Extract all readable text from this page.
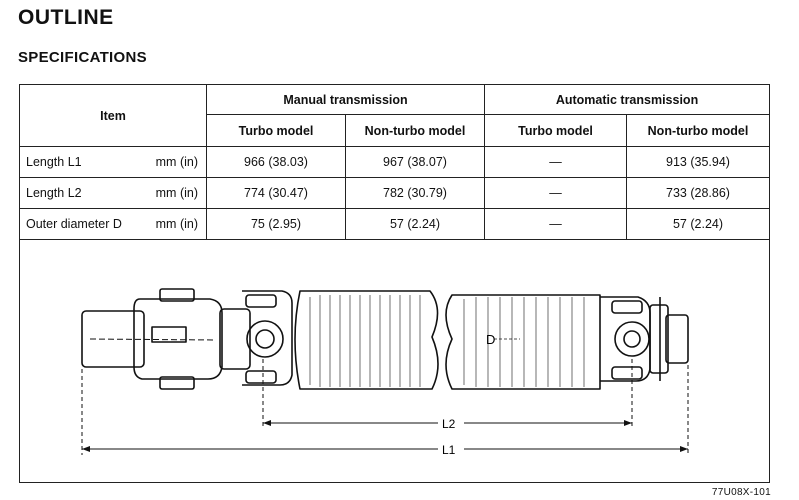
OUTLINE
SPECIFICATIONS
Item	Manual transmission		Automatic transmission	
	Turbo model	Non-turbo model	Turbo model	Non-turbo model

Length L1 mm (in)	966 (38.03)	967 (38.07)	—	913 (35.94)

Length L2 mm (in)	774 (30.47)	782 (30.79)	—	733 (28.86)

Outer diameter D mm (in)	75 (2.95)	57 (2.24)	—	57 (2.24)
D
L2
L1
77U08X-101
